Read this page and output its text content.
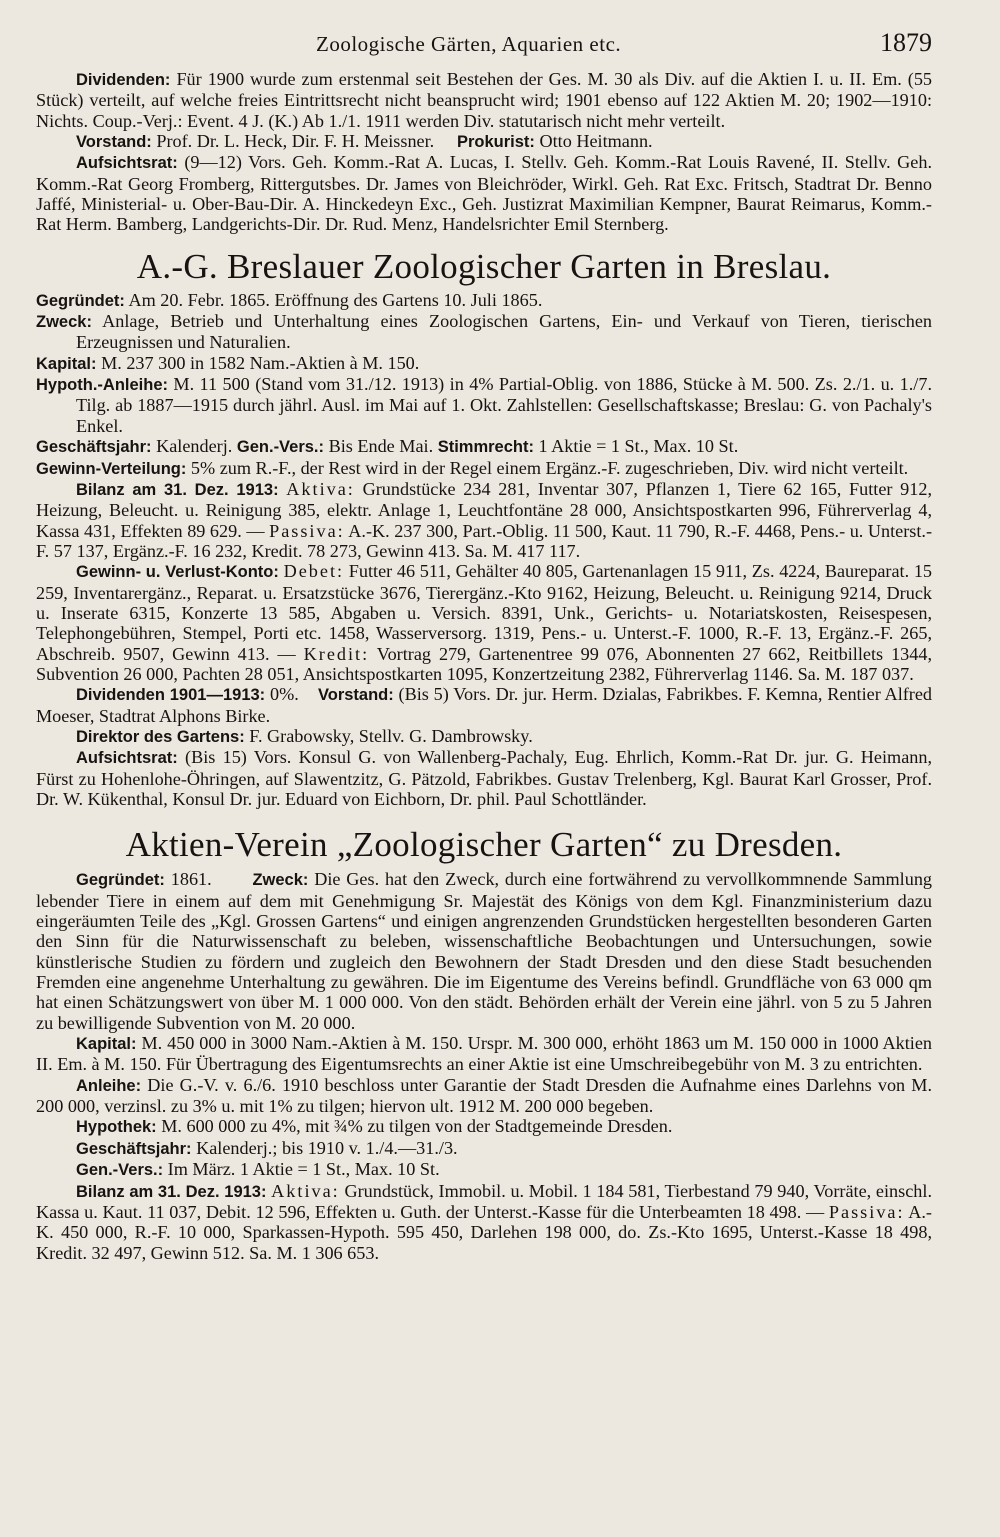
Zoologische Gärten, Aquarien etc.	1879

Dividenden: Für 1900 wurde zum erstenmal seit Bestehen der Ges. M. 30 als Div. auf die Aktien I. u. II. Em. (55 Stück) verteilt, auf welche freies Eintrittsrecht nicht beansprucht wird; 1901 ebenso auf 122 Aktien M. 20; 1902—1910: Nichts. Coup.-Verj.: Event. 4 J. (K.) Ab 1./1. 1911 werden Div. statutarisch nicht mehr verteilt.

Vorstand: Prof. Dr. L. Heck, Dir. F. H. Meissner. Prokurist: Otto Heitmann.

Aufsichtsrat: (9—12) Vors. Geh. Komm.-Rat A. Lucas, I. Stellv. Geh. Komm.-Rat Louis Ravené, II. Stellv. Geh. Komm.-Rat Georg Fromberg, Rittergutsbes. Dr. James von Bleichröder, Wirkl. Geh. Rat Exc. Fritsch, Stadtrat Dr. Benno Jaffé, Ministerial- u. Ober-Bau-Dir. A. Hinckedeyn Exc., Geh. Justizrat Maximilian Kempner, Baurat Reimarus, Komm.-Rat Herm. Bamberg, Landgerichts-Dir. Dr. Rud. Menz, Handelsrichter Emil Sternberg.

A.-G. Breslauer Zoologischer Garten in Breslau.

Gegründet: Am 20. Febr. 1865. Eröffnung des Gartens 10. Juli 1865.

Zweck: Anlage, Betrieb und Unterhaltung eines Zoologischen Gartens, Ein- und Verkauf von Tieren, tierischen Erzeugnissen und Naturalien.

Kapital: M. 237 300 in 1582 Nam.-Aktien à M. 150.

Hypoth.-Anleihe: M. 11 500 (Stand vom 31./12. 1913) in 4% Partial-Oblig. von 1886, Stücke à M. 500. Zs. 2./1. u. 1./7. Tilg. ab 1887—1915 durch jährl. Ausl. im Mai auf 1. Okt. Zahlstellen: Gesellschaftskasse; Breslau: G. von Pachaly's Enkel.

Geschäftsjahr: Kalenderj. Gen.-Vers.: Bis Ende Mai. Stimmrecht: 1 Aktie = 1 St., Max. 10 St.

Gewinn-Verteilung: 5% zum R.-F., der Rest wird in der Regel einem Ergänz.-F. zugeschrieben, Div. wird nicht verteilt.

Bilanz am 31. Dez. 1913: Aktiva: Grundstücke 234 281, Inventar 307, Pflanzen 1, Tiere 62 165, Futter 912, Heizung, Beleucht. u. Reinigung 385, elektr. Anlage 1, Leuchtfontäne 28 000, Ansichtspostkarten 996, Führerverlag 4, Kassa 431, Effekten 89 629. — Passiva: A.-K. 237 300, Part.-Oblig. 11 500, Kaut. 11 790, R.-F. 4468, Pens.- u. Unterst.-F. 57 137, Ergänz.-F. 16 232, Kredit. 78 273, Gewinn 413. Sa. M. 417 117.

Gewinn- u. Verlust-Konto: Debet: Futter 46 511, Gehälter 40 805, Gartenanlagen 15 911, Zs. 4224, Baureparat. 15 259, Inventarergänz., Reparat. u. Ersatzstücke 3676, Tierergänz.-Kto 9162, Heizung, Beleucht. u. Reinigung 9214, Druck u. Inserate 6315, Konzerte 13 585, Abgaben u. Versich. 8391, Unk., Gerichts- u. Notariatskosten, Reisespesen, Telephongebühren, Stempel, Porti etc. 1458, Wasserversorg. 1319, Pens.- u. Unterst.-F. 1000, R.-F. 13, Ergänz.-F. 265, Abschreib. 9507, Gewinn 413. — Kredit: Vortrag 279, Gartenentree 99 076, Abonnenten 27 662, Reitbillets 1344, Subvention 26 000, Pachten 28 051, Ansichtspostkarten 1095, Konzertzeitung 2382, Führerverlag 1146. Sa. M. 187 037.

Dividenden 1901—1913: 0%. Vorstand: (Bis 5) Vors. Dr. jur. Herm. Dzialas, Fabrikbes. F. Kemna, Rentier Alfred Moeser, Stadtrat Alphons Birke.

Direktor des Gartens: F. Grabowsky, Stellv. G. Dambrowsky.

Aufsichtsrat: (Bis 15) Vors. Konsul G. von Wallenberg-Pachaly, Eug. Ehrlich, Komm.-Rat Dr. jur. G. Heimann, Fürst zu Hohenlohe-Öhringen, auf Slawentzitz, G. Pätzold, Fabrikbes. Gustav Trelenberg, Kgl. Baurat Karl Grosser, Prof. Dr. W. Kükenthal, Konsul Dr. jur. Eduard von Eichborn, Dr. phil. Paul Schottländer.

Aktien-Verein „Zoologischer Garten“ zu Dresden.

Gegründet: 1861. Zweck: Die Ges. hat den Zweck, durch eine fortwährend zu vervollkommnende Sammlung lebender Tiere in einem auf dem mit Genehmigung Sr. Majestät des Königs von dem Kgl. Finanzministerium dazu eingeräumten Teile des „Kgl. Grossen Gartens“ und einigen angrenzenden Grundstücken hergestellten besonderen Garten den Sinn für die Naturwissenschaft zu beleben, wissenschaftliche Beobachtungen und Untersuchungen, sowie künstlerische Studien zu fördern und zugleich den Bewohnern der Stadt Dresden und den diese Stadt besuchenden Fremden eine angenehme Unterhaltung zu gewähren. Die im Eigentume des Vereins befindl. Grundfläche von 63 000 qm hat einen Schätzungswert von über M. 1 000 000. Von den städt. Behörden erhält der Verein eine jährl. von 5 zu 5 Jahren zu bewilligende Subvention von M. 20 000.

Kapital: M. 450 000 in 3000 Nam.-Aktien à M. 150. Urspr. M. 300 000, erhöht 1863 um M. 150 000 in 1000 Aktien II. Em. à M. 150. Für Übertragung des Eigentumsrechts an einer Aktie ist eine Umschreibegebühr von M. 3 zu entrichten.

Anleihe: Die G.-V. v. 6./6. 1910 beschloss unter Garantie der Stadt Dresden die Aufnahme eines Darlehns von M. 200 000, verzinsl. zu 3% u. mit 1% zu tilgen; hiervon ult. 1912 M. 200 000 begeben.

Hypothek: M. 600 000 zu 4%, mit ¾% zu tilgen von der Stadtgemeinde Dresden.

Geschäftsjahr: Kalenderj.; bis 1910 v. 1./4.—31./3.

Gen.-Vers.: Im März. 1 Aktie = 1 St., Max. 10 St.

Bilanz am 31. Dez. 1913: Aktiva: Grundstück, Immobil. u. Mobil. 1 184 581, Tierbestand 79 940, Vorräte, einschl. Kassa u. Kaut. 11 037, Debit. 12 596, Effekten u. Guth. der Unterst.-Kasse für die Unterbeamten 18 498. — Passiva: A.-K. 450 000, R.-F. 10 000, Sparkassen-Hypoth. 595 450, Darlehen 198 000, do. Zs.-Kto 1695, Unterst.-Kasse 18 498, Kredit. 32 497, Gewinn 512. Sa. M. 1 306 653.
